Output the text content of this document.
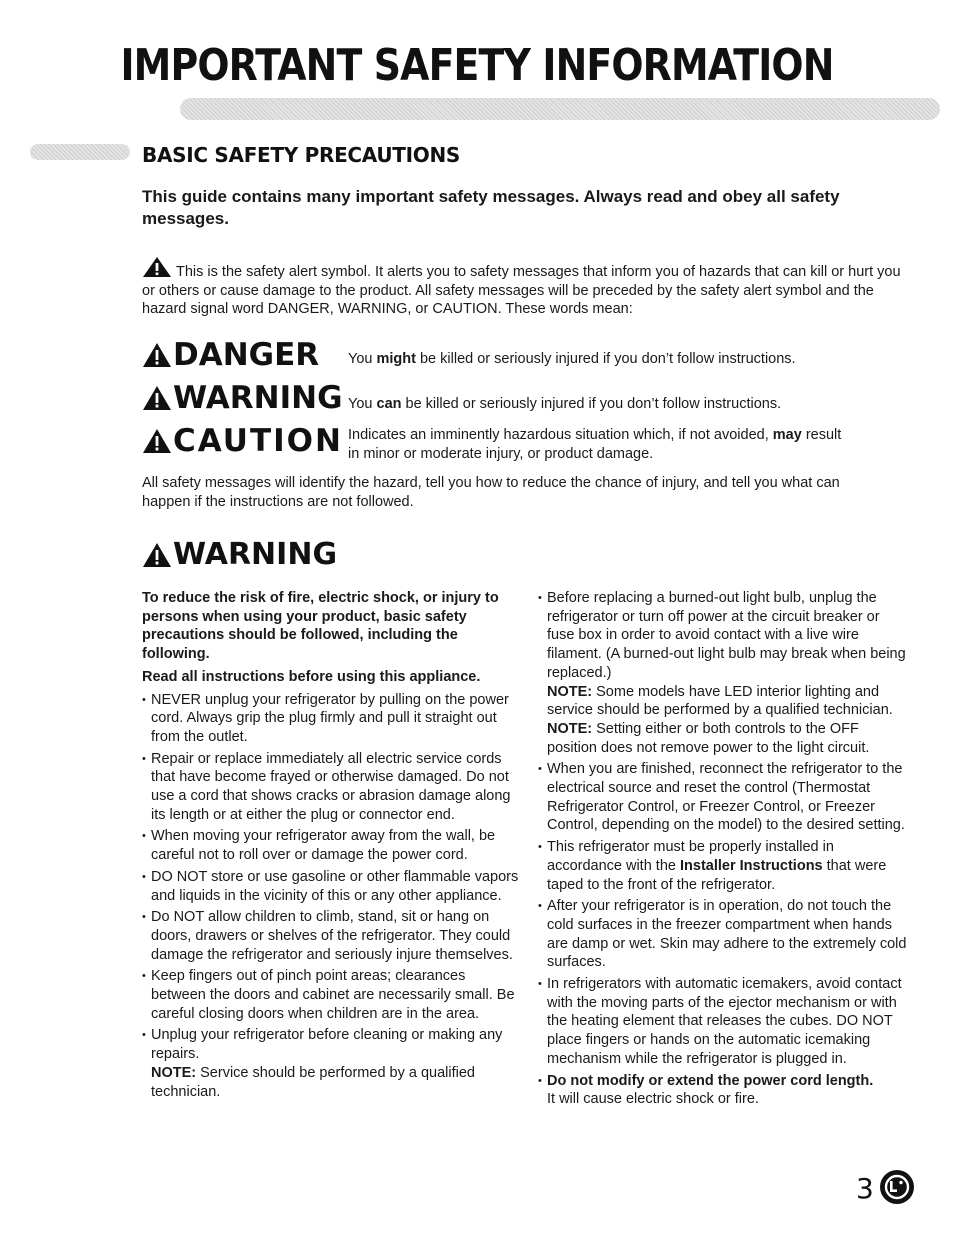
IMPORTANT SAFETY INFORMATION
BASIC SAFETY PRECAUTIONS
This guide contains many important safety messages. Always read and obey all safety messages.
This is the safety alert symbol. It alerts you to safety messages that inform you of hazards that can kill or hurt you or others or cause damage to the product. All safety messages will be preceded by the safety alert symbol and the hazard signal word DANGER, WARNING, or CAUTION. These words mean:
DANGER You might be killed or seriously injured if you don’t follow instructions.
WARNING You can be killed or seriously injured if you don’t follow instructions.
CAUTION Indicates an imminently hazardous situation which, if not avoided, may result in minor or moderate injury, or product damage.
All safety messages will identify the hazard, tell you how to reduce the chance of injury, and tell you what can happen if the instructions are not followed.
WARNING

To reduce the risk of fire, electric shock, or injury to persons when using your product, basic safety precautions should be followed, including the following.

Read all instructions before using this appliance.

• NEVER unplug your refrigerator by pulling on the power cord. Always grip the plug firmly and pull it straight out from the outlet.

• Repair or replace immediately all electric service cords that have become frayed or otherwise damaged. Do not use a cord that shows cracks or abrasion damage along its length or at either the plug or connector end.

• When moving your refrigerator away from the wall, be careful not to roll over or damage the power cord.

• DO NOT store or use gasoline or other flammable vapors and liquids in the vicinity of this or any other appliance.

• Do NOT allow children to climb, stand, sit or hang on doors, drawers or shelves of the refrigerator. They could damage the refrigerator and seriously injure themselves.

• Keep fingers out of pinch point areas; clearances between the doors and cabinet are necessarily small. Be careful closing doors when children are in the area.

• Unplug your refrigerator before cleaning or making any repairs.

NOTE: Service should be performed by a qualified technician.

• Before replacing a burned-out light bulb, unplug the refrigerator or turn off power at the circuit breaker or fuse box in order to avoid contact with a live wire filament. (A burned-out light bulb may break when being replaced.)

NOTE: Some models have LED interior lighting and service should be performed by a qualified technician.

NOTE: Setting either or both controls to the OFF position does not remove power to the light circuit.

• When you are finished, reconnect the refrigerator to the electrical source and reset the control (Thermostat Refrigerator Control, or Freezer Control, or Freezer Control, depending on the model) to the desired setting.

• This refrigerator must be properly installed in accordance with the Installer Instructions that were taped to the front of the refrigerator.

• After your refrigerator is in operation, do not touch the cold surfaces in the freezer compartment when hands are damp or wet. Skin may adhere to the extremely cold surfaces.

• In refrigerators with automatic icemakers, avoid contact with the moving parts of the ejector mechanism or with the heating element that releases the cubes. DO NOT place fingers or hands on the automatic icemaking mechanism while the refrigerator is plugged in.

• Do not modify or extend the power cord length.

It will cause electric shock or fire.

3
